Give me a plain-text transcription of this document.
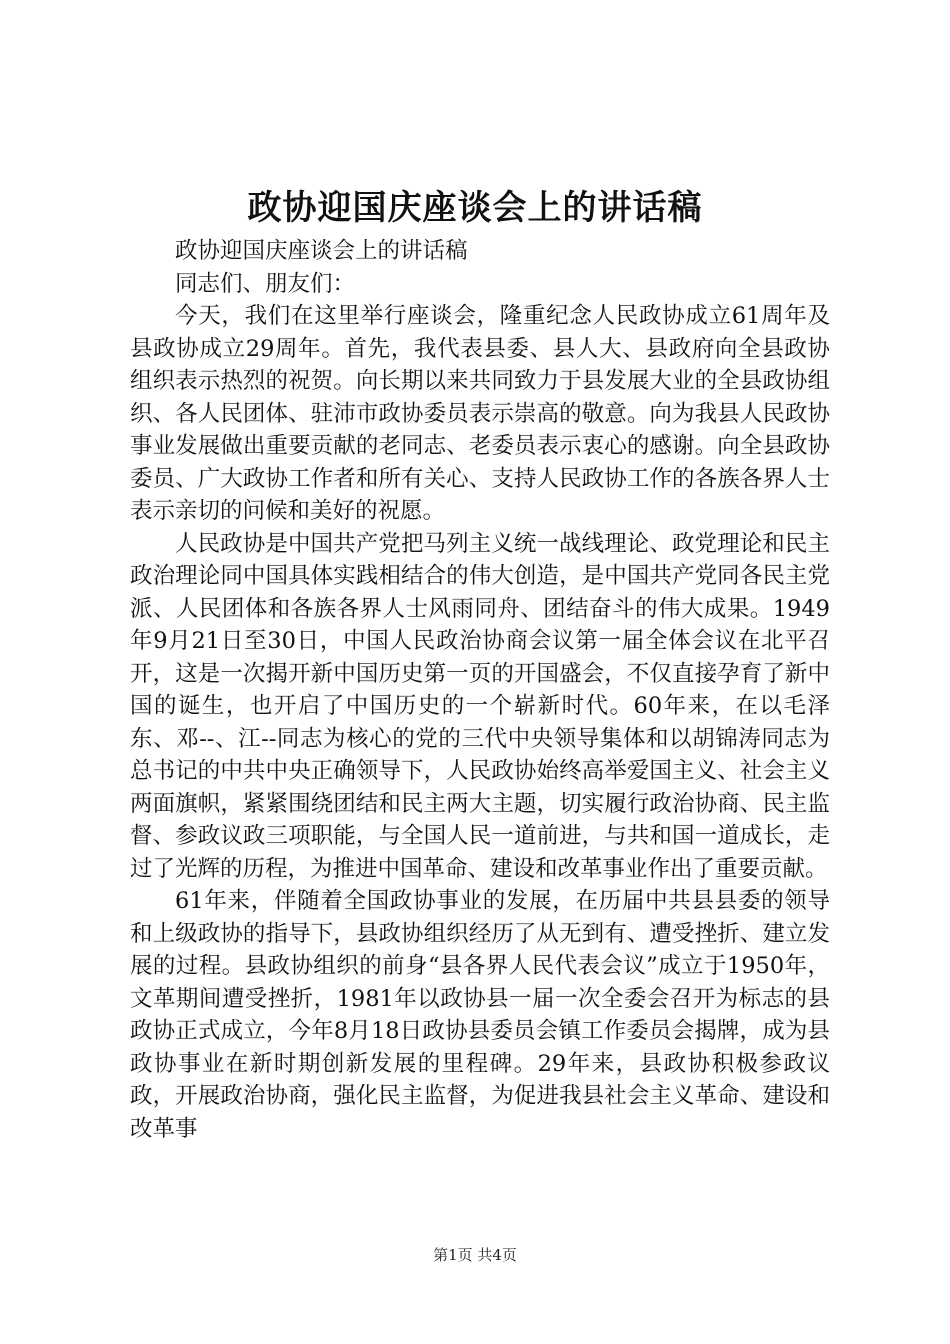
政协迎国庆座谈会上的讲话稿

政协迎国庆座谈会上的讲话稿

同志们、朋友们：

今天，我们在这里举行座谈会，隆重纪念人民政协成立61周年及县政协成立29周年。首先，我代表县委、县人大、县政府向全县政协组织表示热烈的祝贺。向长期以来共同致力于县发展大业的全县政协组织、各人民团体、驻沛市政协委员表示崇高的敬意。向为我县人民政协事业发展做出重要贡献的老同志、老委员表示衷心的感谢。向全县政协委员、广大政协工作者和所有关心、支持人民政协工作的各族各界人士表示亲切的问候和美好的祝愿。

人民政协是中国共产党把马列主义统一战线理论、政党理论和民主政治理论同中国具体实践相结合的伟大创造，是中国共产党同各民主党派、人民团体和各族各界人士风雨同舟、团结奋斗的伟大成果。1949年9月21日至30日，中国人民政治协商会议第一届全体会议在北平召开，这是一次揭开新中国历史第一页的开国盛会，不仅直接孕育了新中国的诞生，也开启了中国历史的一个崭新时代。60年来，在以毛泽东、邓--、江--同志为核心的党的三代中央领导集体和以胡锦涛同志为总书记的中共中央正确领导下，人民政协始终高举爱国主义、社会主义两面旗帜，紧紧围绕团结和民主两大主题，切实履行政治协商、民主监督、参政议政三项职能，与全国人民一道前进，与共和国一道成长，走过了光辉的历程，为推进中国革命、建设和改革事业作出了重要贡献。

61年来，伴随着全国政协事业的发展，在历届中共县县委的领导和上级政协的指导下，县政协组织经历了从无到有、遭受挫折、建立发展的过程。县政协组织的前身“县各界人民代表会议”成立于1950年，文革期间遭受挫折，1981年以政协县一届一次全委会召开为标志的县政协正式成立，今年8月18日政协县委员会镇工作委员会揭牌，成为县政协事业在新时期创新发展的里程碑。29年来，县政协积极参政议政，开展政治协商，强化民主监督，为促进我县社会主义革命、建设和改革事

第1页 共4页
